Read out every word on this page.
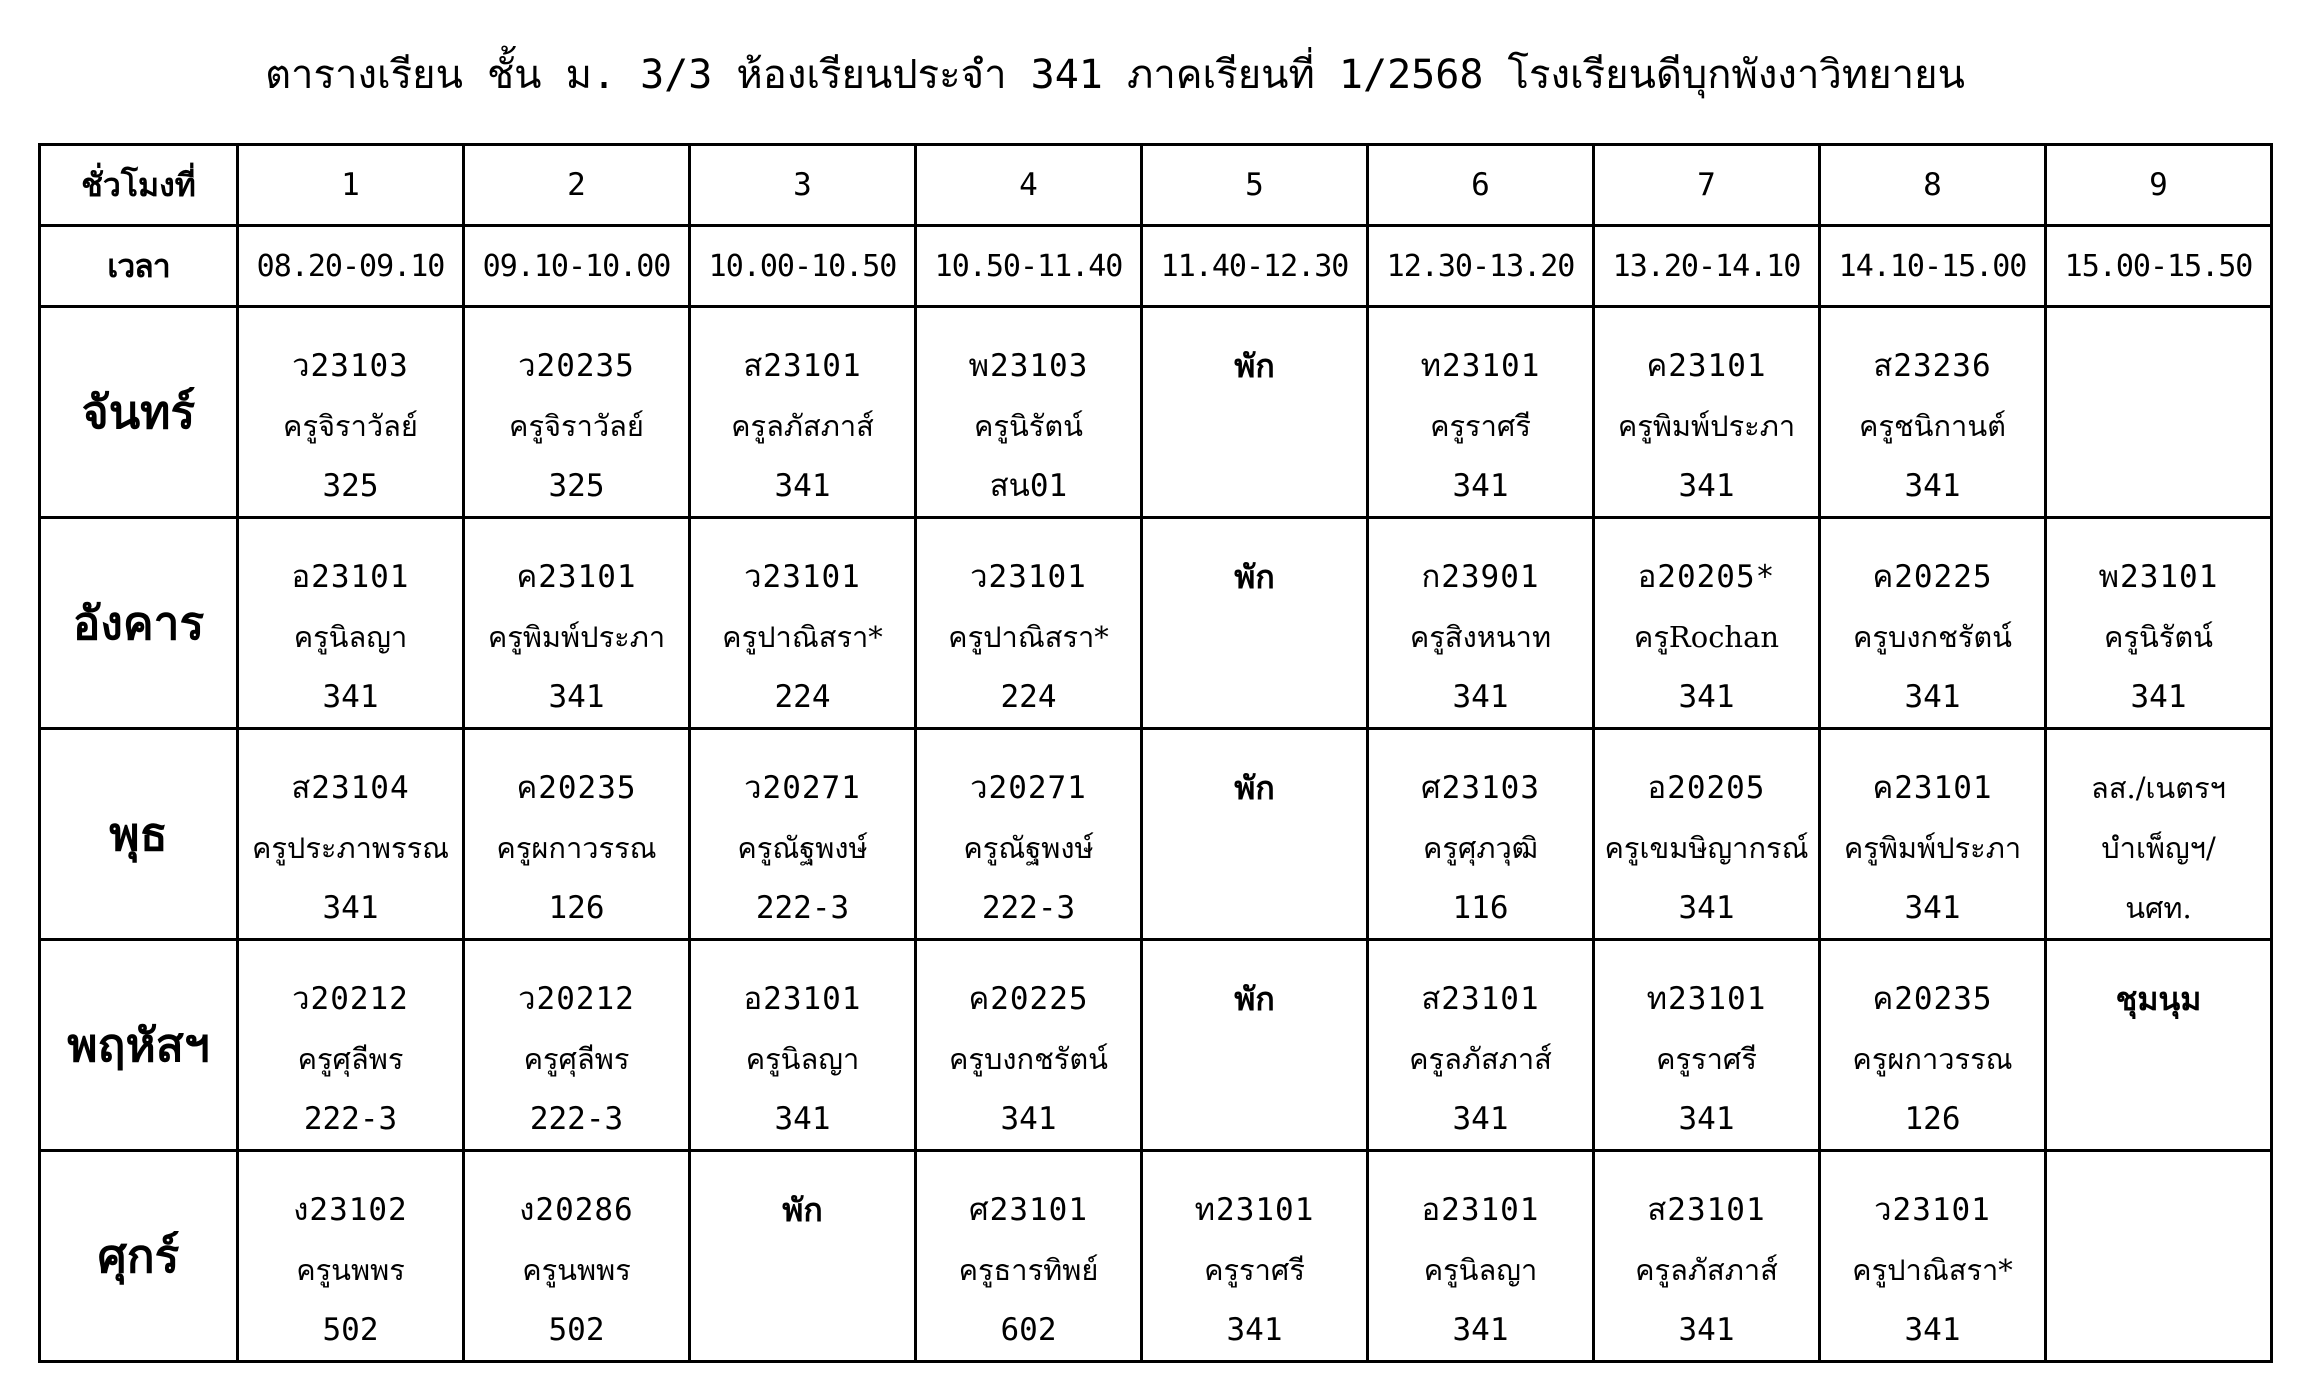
ตารางเรียน ชั้น ม. 3/3 ห้องเรียนประจำ 341 ภาคเรียนที่ 1/2568 โรงเรียนดีบุกพังงาวิทยายน
ชั่วโมงที่	1	2	3	4	5	6	7	8	9
เวลา	08.20-09.10	09.10-10.00	10.00-10.50	10.50-11.40	11.40-12.30	12.30-13.20	13.20-14.10	14.10-15.00	15.00-15.50
จันทร์	ว23103
ครูจิราวัลย์
325	ว20235
ครูจิราวัลย์
325	ส23101
ครูลภัสภาส์
341	พ23103
ครูนิรัตน์
สน01	พัก	ท23101
ครูราศรี
341	ค23101
ครูพิมพ์ประภา
341	ส23236
ครูชนิกานต์
341	

อังคาร	อ23101
ครูนิลญา
341	ค23101
ครูพิมพ์ประภา
341	ว23101
ครูปาณิสรา*
224	ว23101
ครูปาณิสรา*
224	พัก	ก23901
ครูสิงหนาท
341	อ20205*
ครูRochan
341	ค20225
ครูบงกชรัตน์
341	พ23101
ครูนิรัตน์
341

พุธ	ส23104
ครูประภาพรรณ
341	ค20235
ครูผกาวรรณ
126	ว20271
ครูณัฐพงษ์
222-3	ว20271
ครูณัฐพงษ์
222-3	พัก	ศ23103
ครูศุภวุฒิ
116	อ20205
ครูเขมษิญากรณ์
341	ค23101
ครูพิมพ์ประภา
341	ลส./เนตรฯ
บำเพ็ญฯ/
นศท.

พฤหัสฯ	ว20212
ครูศุลีพร
222-3	ว20212
ครูศุลีพร
222-3	อ23101
ครูนิลญา
341	ค20225
ครูบงกชรัตน์
341	พัก	ส23101
ครูลภัสภาส์
341	ท23101
ครูราศรี
341	ค20235
ครูผกาวรรณ
126	ชุมนุม

ศุกร์	ง23102
ครูนพพร
502	ง20286
ครูนพพร
502	พัก	ศ23101
ครูธารทิพย์
602	ท23101
ครูราศรี
341	อ23101
ครูนิลญา
341	ส23101
ครูลภัสภาส์
341	ว23101
ครูปาณิสรา*
341	
